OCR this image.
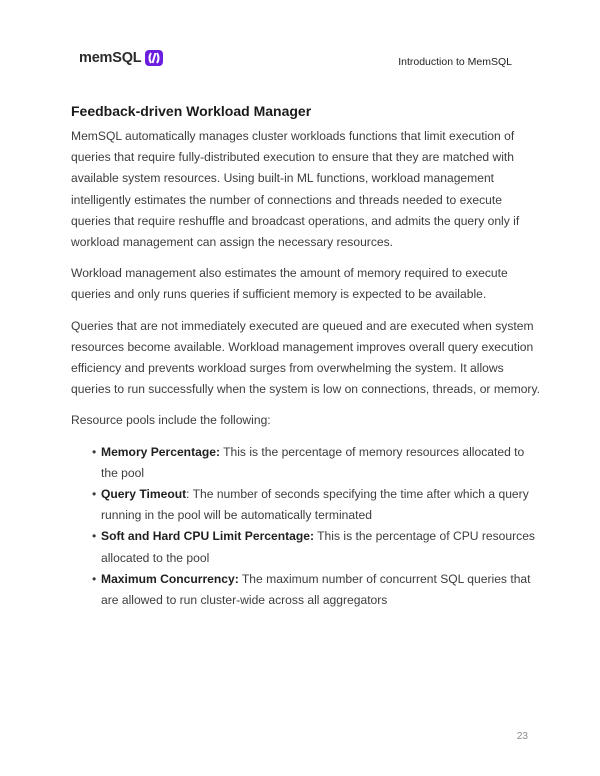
memSQL	Introduction to MemSQL
Feedback-driven Workload Manager

MemSQL automatically manages cluster workloads functions that limit execution of queries that require fully-distributed execution to ensure that they are matched with available system resources. Using built-in ML functions, workload management intelligently estimates the number of connections and threads needed to execute queries that require reshuffle and broadcast operations, and admits the query only if workload management can assign the necessary resources.

Workload management also estimates the amount of memory required to execute queries and only runs queries if sufficient memory is expected to be available.

Queries that are not immediately executed are queued and are executed when system resources become available. Workload management improves overall query execution efficiency and prevents workload surges from overwhelming the system. It allows queries to run successfully when the system is low on connections, threads, or memory.

Resource pools include the following:

• Memory Percentage: This is the percentage of memory resources allocated to the pool
• Query Timeout: The number of seconds specifying the time after which a query running in the pool will be automatically terminated
• Soft and Hard CPU Limit Percentage: This is the percentage of CPU resources allocated to the pool
• Maximum Concurrency: The maximum number of concurrent SQL queries that are allowed to run cluster-wide across all aggregators
23
